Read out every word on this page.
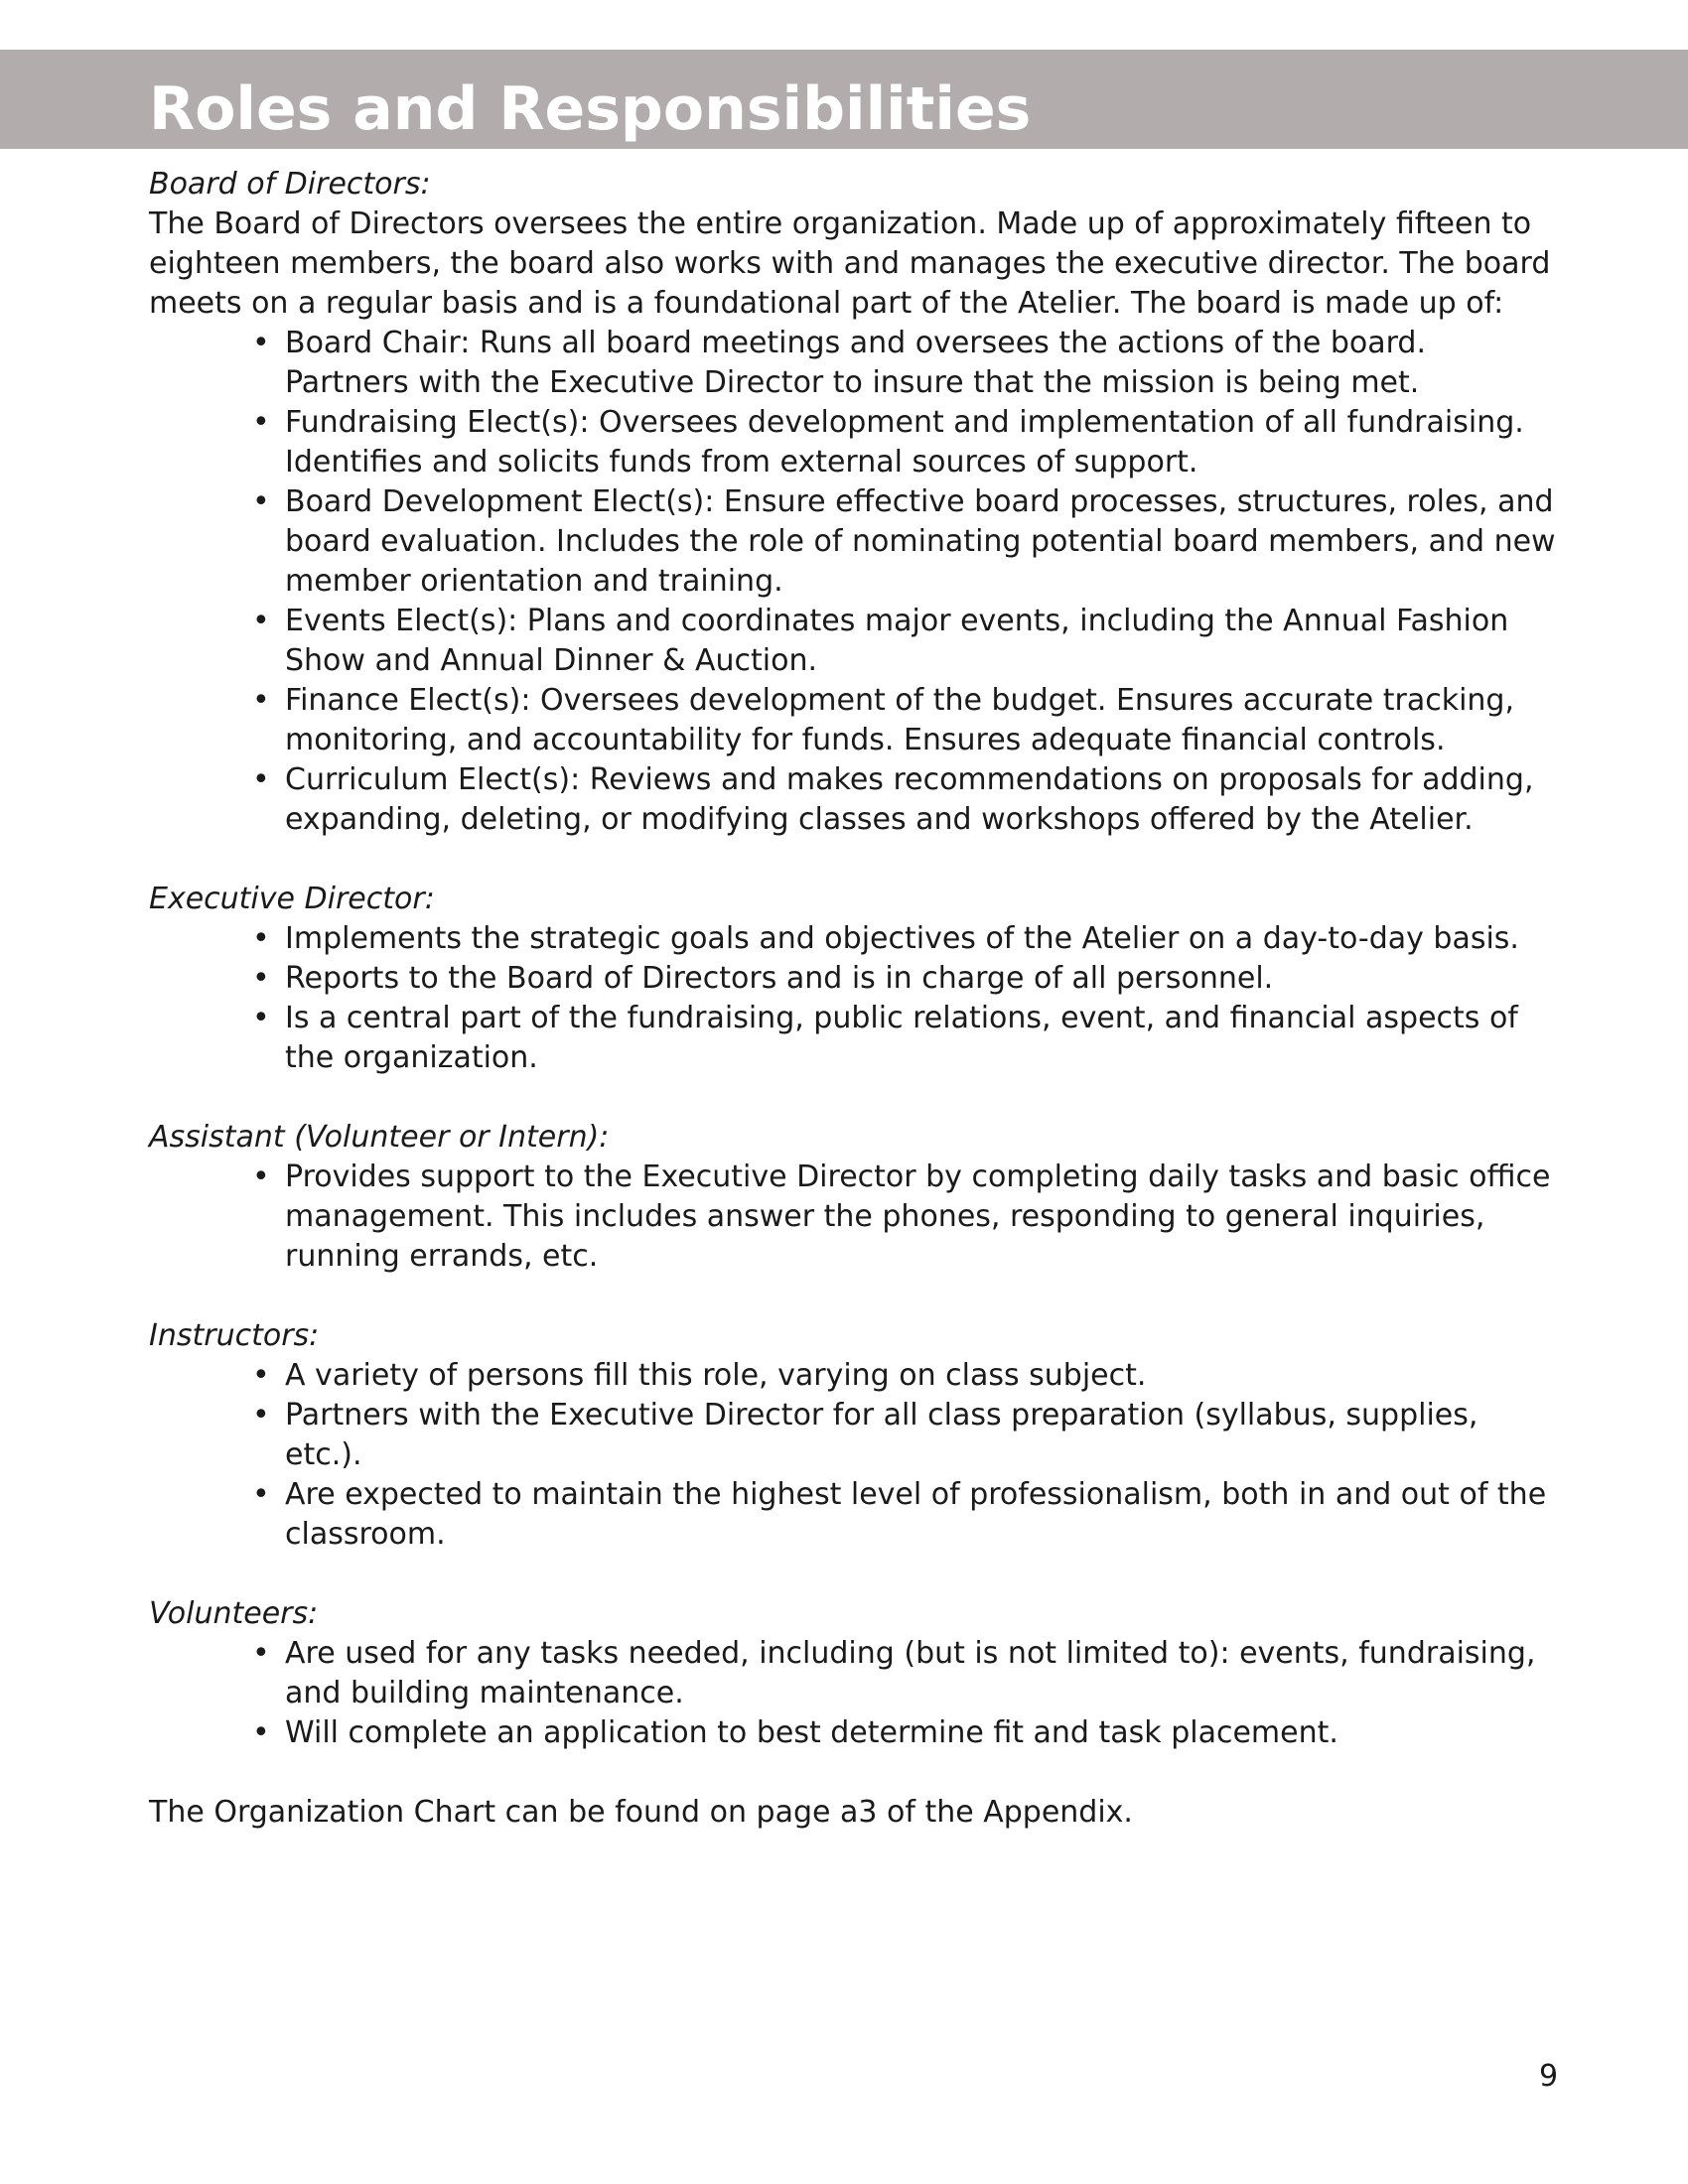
Roles and Responsibilities

Board of Directors:

The Board of Directors oversees the entire organization. Made up of approximately fifteen to eighteen members, the board also works with and manages the executive director. The board meets on a regular basis and is a foundational part of the Atelier. The board is made up of:

• Board Chair: Runs all board meetings and oversees the actions of the board. Partners with the Executive Director to insure that the mission is being met.
• Fundraising Elect(s): Oversees development and implementation of all fundraising. Identifies and solicits funds from external sources of support.
• Board Development Elect(s): Ensure effective board processes, structures, roles, and board evaluation. Includes the role of nominating potential board members, and new member orientation and training.
• Events Elect(s): Plans and coordinates major events, including the Annual Fashion Show and Annual Dinner & Auction.
• Finance Elect(s): Oversees development of the budget. Ensures accurate tracking, monitoring, and accountability for funds. Ensures adequate financial controls.
• Curriculum Elect(s): Reviews and makes recommendations on proposals for adding, expanding, deleting, or modifying classes and workshops offered by the Atelier.

Executive Director:

• Implements the strategic goals and objectives of the Atelier on a day-to-day basis.
• Reports to the Board of Directors and is in charge of all personnel.
• Is a central part of the fundraising, public relations, event, and financial aspects of the organization.

Assistant (Volunteer or Intern):

• Provides support to the Executive Director by completing daily tasks and basic office management. This includes answer the phones, responding to general inquiries, running errands, etc.

Instructors:

• A variety of persons fill this role, varying on class subject.
• Partners with the Executive Director for all class preparation (syllabus, supplies, etc.).
• Are expected to maintain the highest level of professionalism, both in and out of the classroom.

Volunteers:

• Are used for any tasks needed, including (but is not limited to): events, fundraising, and building maintenance.
• Will complete an application to best determine fit and task placement.

The Organization Chart can be found on page a3 of the Appendix.

9
